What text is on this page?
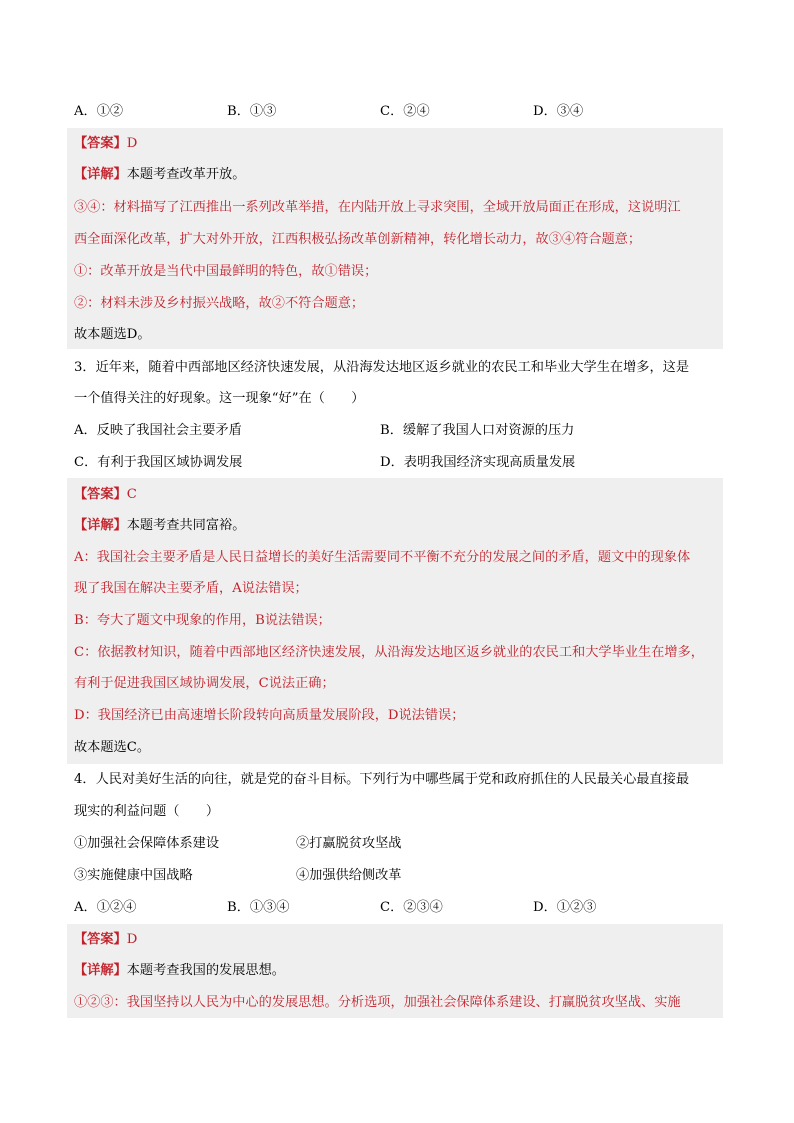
A．①②	B．①③	C．②④	D．③④
【答案】D
【详解】本题考查改革开放。
③④：材料描写了江西推出一系列改革举措，在内陆开放上寻求突围，全域开放局面正在形成，这说明江
西全面深化改革，扩大对外开放，江西积极弘扬改革创新精神，转化增长动力，故③④符合题意；
①：改革开放是当代中国最鲜明的特色，故①错误；
②：材料未涉及乡村振兴战略，故②不符合题意；
故本题选D。
3．近年来，随着中西部地区经济快速发展，从沿海发达地区返乡就业的农民工和毕业大学生在增多，这是
一个值得关注的好现象。这一现象“好”在（　　）
A．反映了我国社会主要矛盾	B．缓解了我国人口对资源的压力
C．有利于我国区域协调发展	D．表明我国经济实现高质量发展
【答案】C
【详解】本题考查共同富裕。
A：我国社会主要矛盾是人民日益增长的美好生活需要同不平衡不充分的发展之间的矛盾，题文中的现象体
现了我国在解决主要矛盾，A说法错误；
B：夸大了题文中现象的作用，B说法错误；
C：依据教材知识，随着中西部地区经济快速发展，从沿海发达地区返乡就业的农民工和大学毕业生在增多，
有利于促进我国区域协调发展，C说法正确；
D：我国经济已由高速增长阶段转向高质量发展阶段，D说法错误；
故本题选C。
4．人民对美好生活的向往，就是党的奋斗目标。下列行为中哪些属于党和政府抓住的人民最关心最直接最
现实的利益问题（　　）
①加强社会保障体系建设	②打赢脱贫攻坚战
③实施健康中国战略	④加强供给侧改革
A．①②④	B．①③④	C．②③④	D．①②③
【答案】D
【详解】本题考查我国的发展思想。
①②③：我国坚持以人民为中心的发展思想。分析选项，加强社会保障体系建设、打赢脱贫攻坚战、实施
